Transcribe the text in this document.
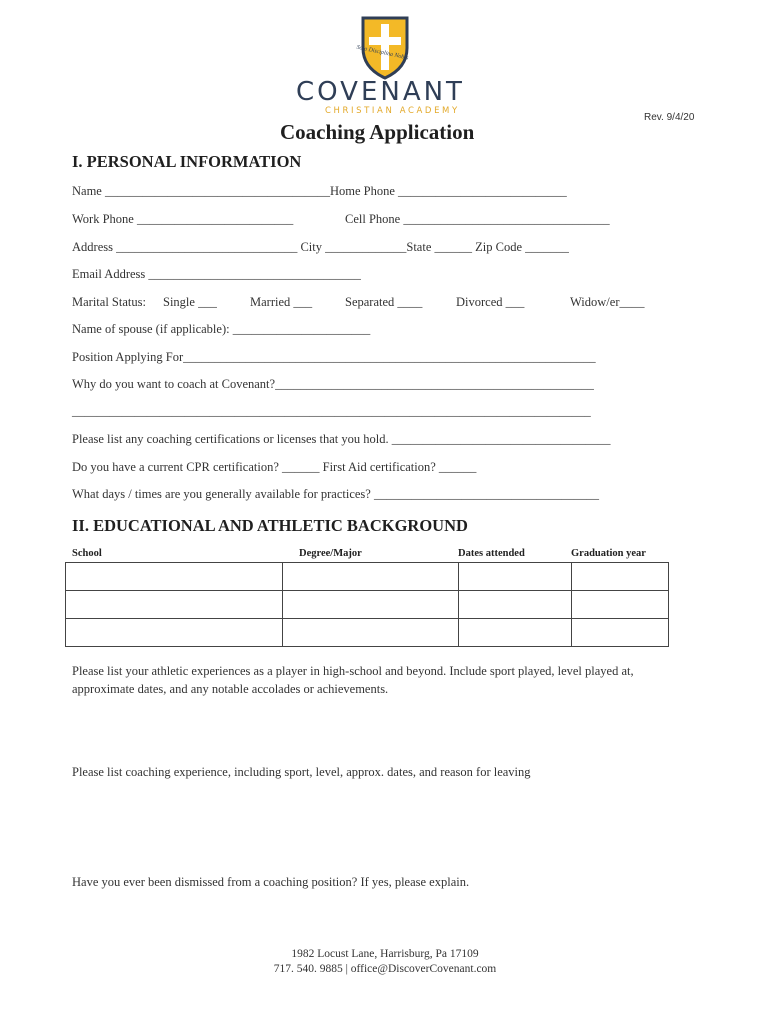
Sola Disciplina Nobis
COVENANT
CHRISTIAN ACADEMY
Rev. 9/4/20
Coaching Application
I. PERSONAL INFORMATION
Name ____________________________________Home Phone ___________________________
Work Phone _________________________	Cell Phone _________________________________
Address _____________________________ City _____________State ______ Zip Code _______
Email Address __________________________________
Marital Status: Single ___	Married ___	Separated ____	Divorced ___	Widow/er____
Name of spouse (if applicable): ______________________
Position Applying For__________________________________________________________________
Why do you want to coach at Covenant?___________________________________________________
___________________________________________________________________________________
Please list any coaching certifications or licenses that you hold. ___________________________________
Do you have a current CPR certification? ______ First Aid certification? ______
What days / times are you generally available for practices? ____________________________________
II. EDUCATIONAL AND ATHLETIC BACKGROUND
School	Degree/Major	Dates attended	Graduation year

Please list your athletic experiences as a player in high-school and beyond. Include sport played, level played at,
approximate dates, and any notable accolades or achievements.
Please list coaching experience, including sport, level, approx. dates, and reason for leaving
Have you ever been dismissed from a coaching position? If yes, please explain.
1982 Locust Lane, Harrisburg, Pa 17109
717. 540. 9885 | office@DiscoverCovenant.com
